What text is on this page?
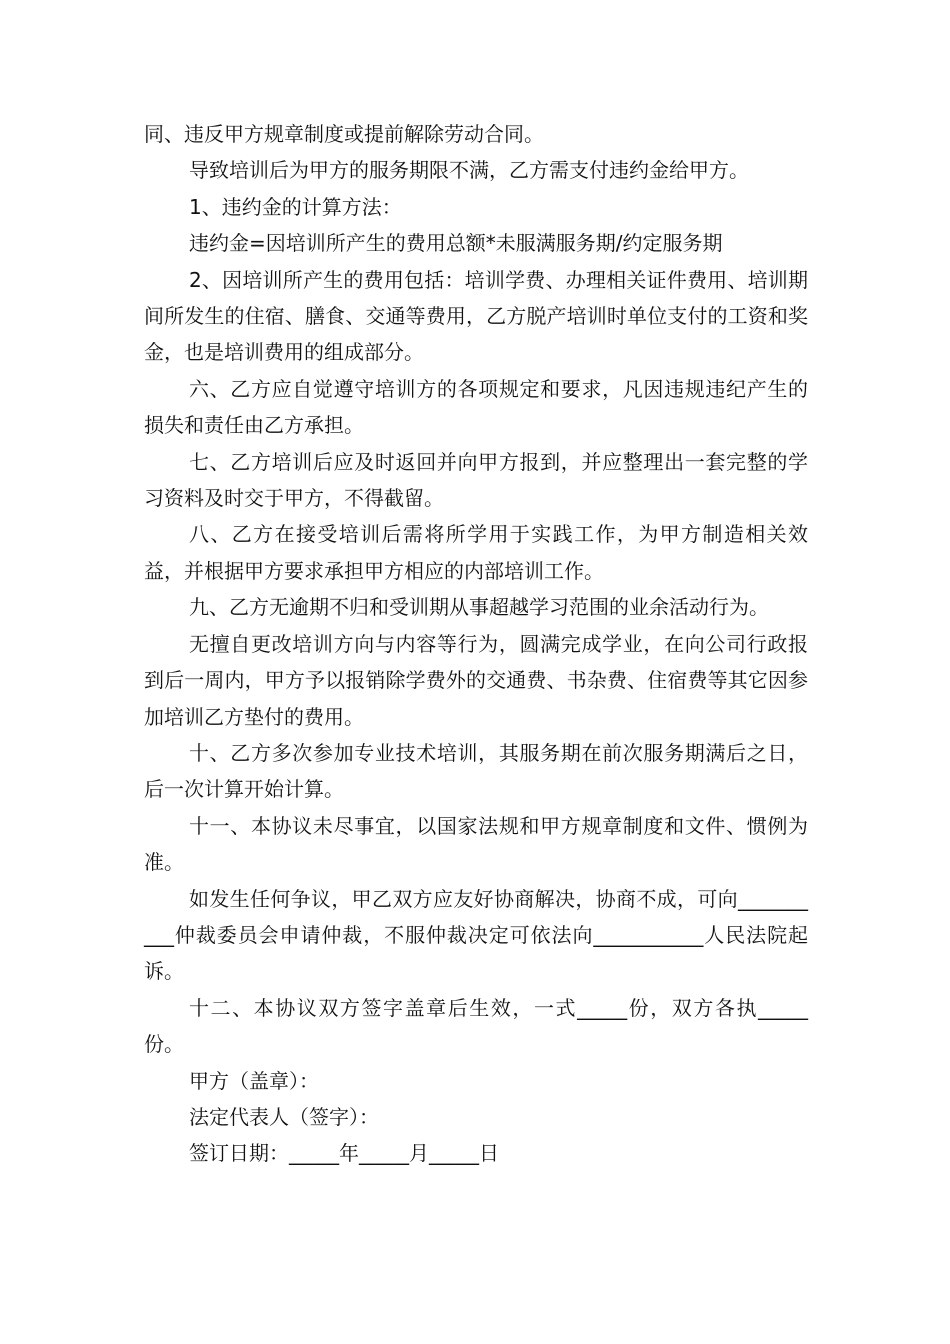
同、违反甲方规章制度或提前解除劳动合同。

导致培训后为甲方的服务期限不满，乙方需支付违约金给甲方。

1、违约金的计算方法：

违约金=因培训所产生的费用总额*未服满服务期/约定服务期

2、因培训所产生的费用包括：培训学费、办理相关证件费用、培训期间所发生的住宿、膳食、交通等费用，乙方脱产培训时单位支付的工资和奖金，也是培训费用的组成部分。

六、乙方应自觉遵守培训方的各项规定和要求，凡因违规违纪产生的损失和责任由乙方承担。

七、乙方培训后应及时返回并向甲方报到，并应整理出一套完整的学习资料及时交于甲方，不得截留。

八、乙方在接受培训后需将所学用于实践工作，为甲方制造相关效益，并根据甲方要求承担甲方相应的内部培训工作。

九、乙方无逾期不归和受训期从事超越学习范围的业余活动行为。

无擅自更改培训方向与内容等行为，圆满完成学业，在向公司行政报到后一周内，甲方予以报销除学费外的交通费、书杂费、住宿费等其它因参加培训乙方垫付的费用。

十、乙方多次参加专业技术培训，其服务期在前次服务期满后之日，后一次计算开始计算。

十一、本协议未尽事宜，以国家法规和甲方规章制度和文件、惯例为准。

如发生任何争议，甲乙双方应友好协商解决，协商不成，可向__________仲裁委员会申请仲裁，不服仲裁决定可依法向___________人民法院起诉。

十二、本协议双方签字盖章后生效，一式_____份，双方各执_____份。

甲方（盖章）：

法定代表人（签字）：

签订日期：_____年_____月_____日
